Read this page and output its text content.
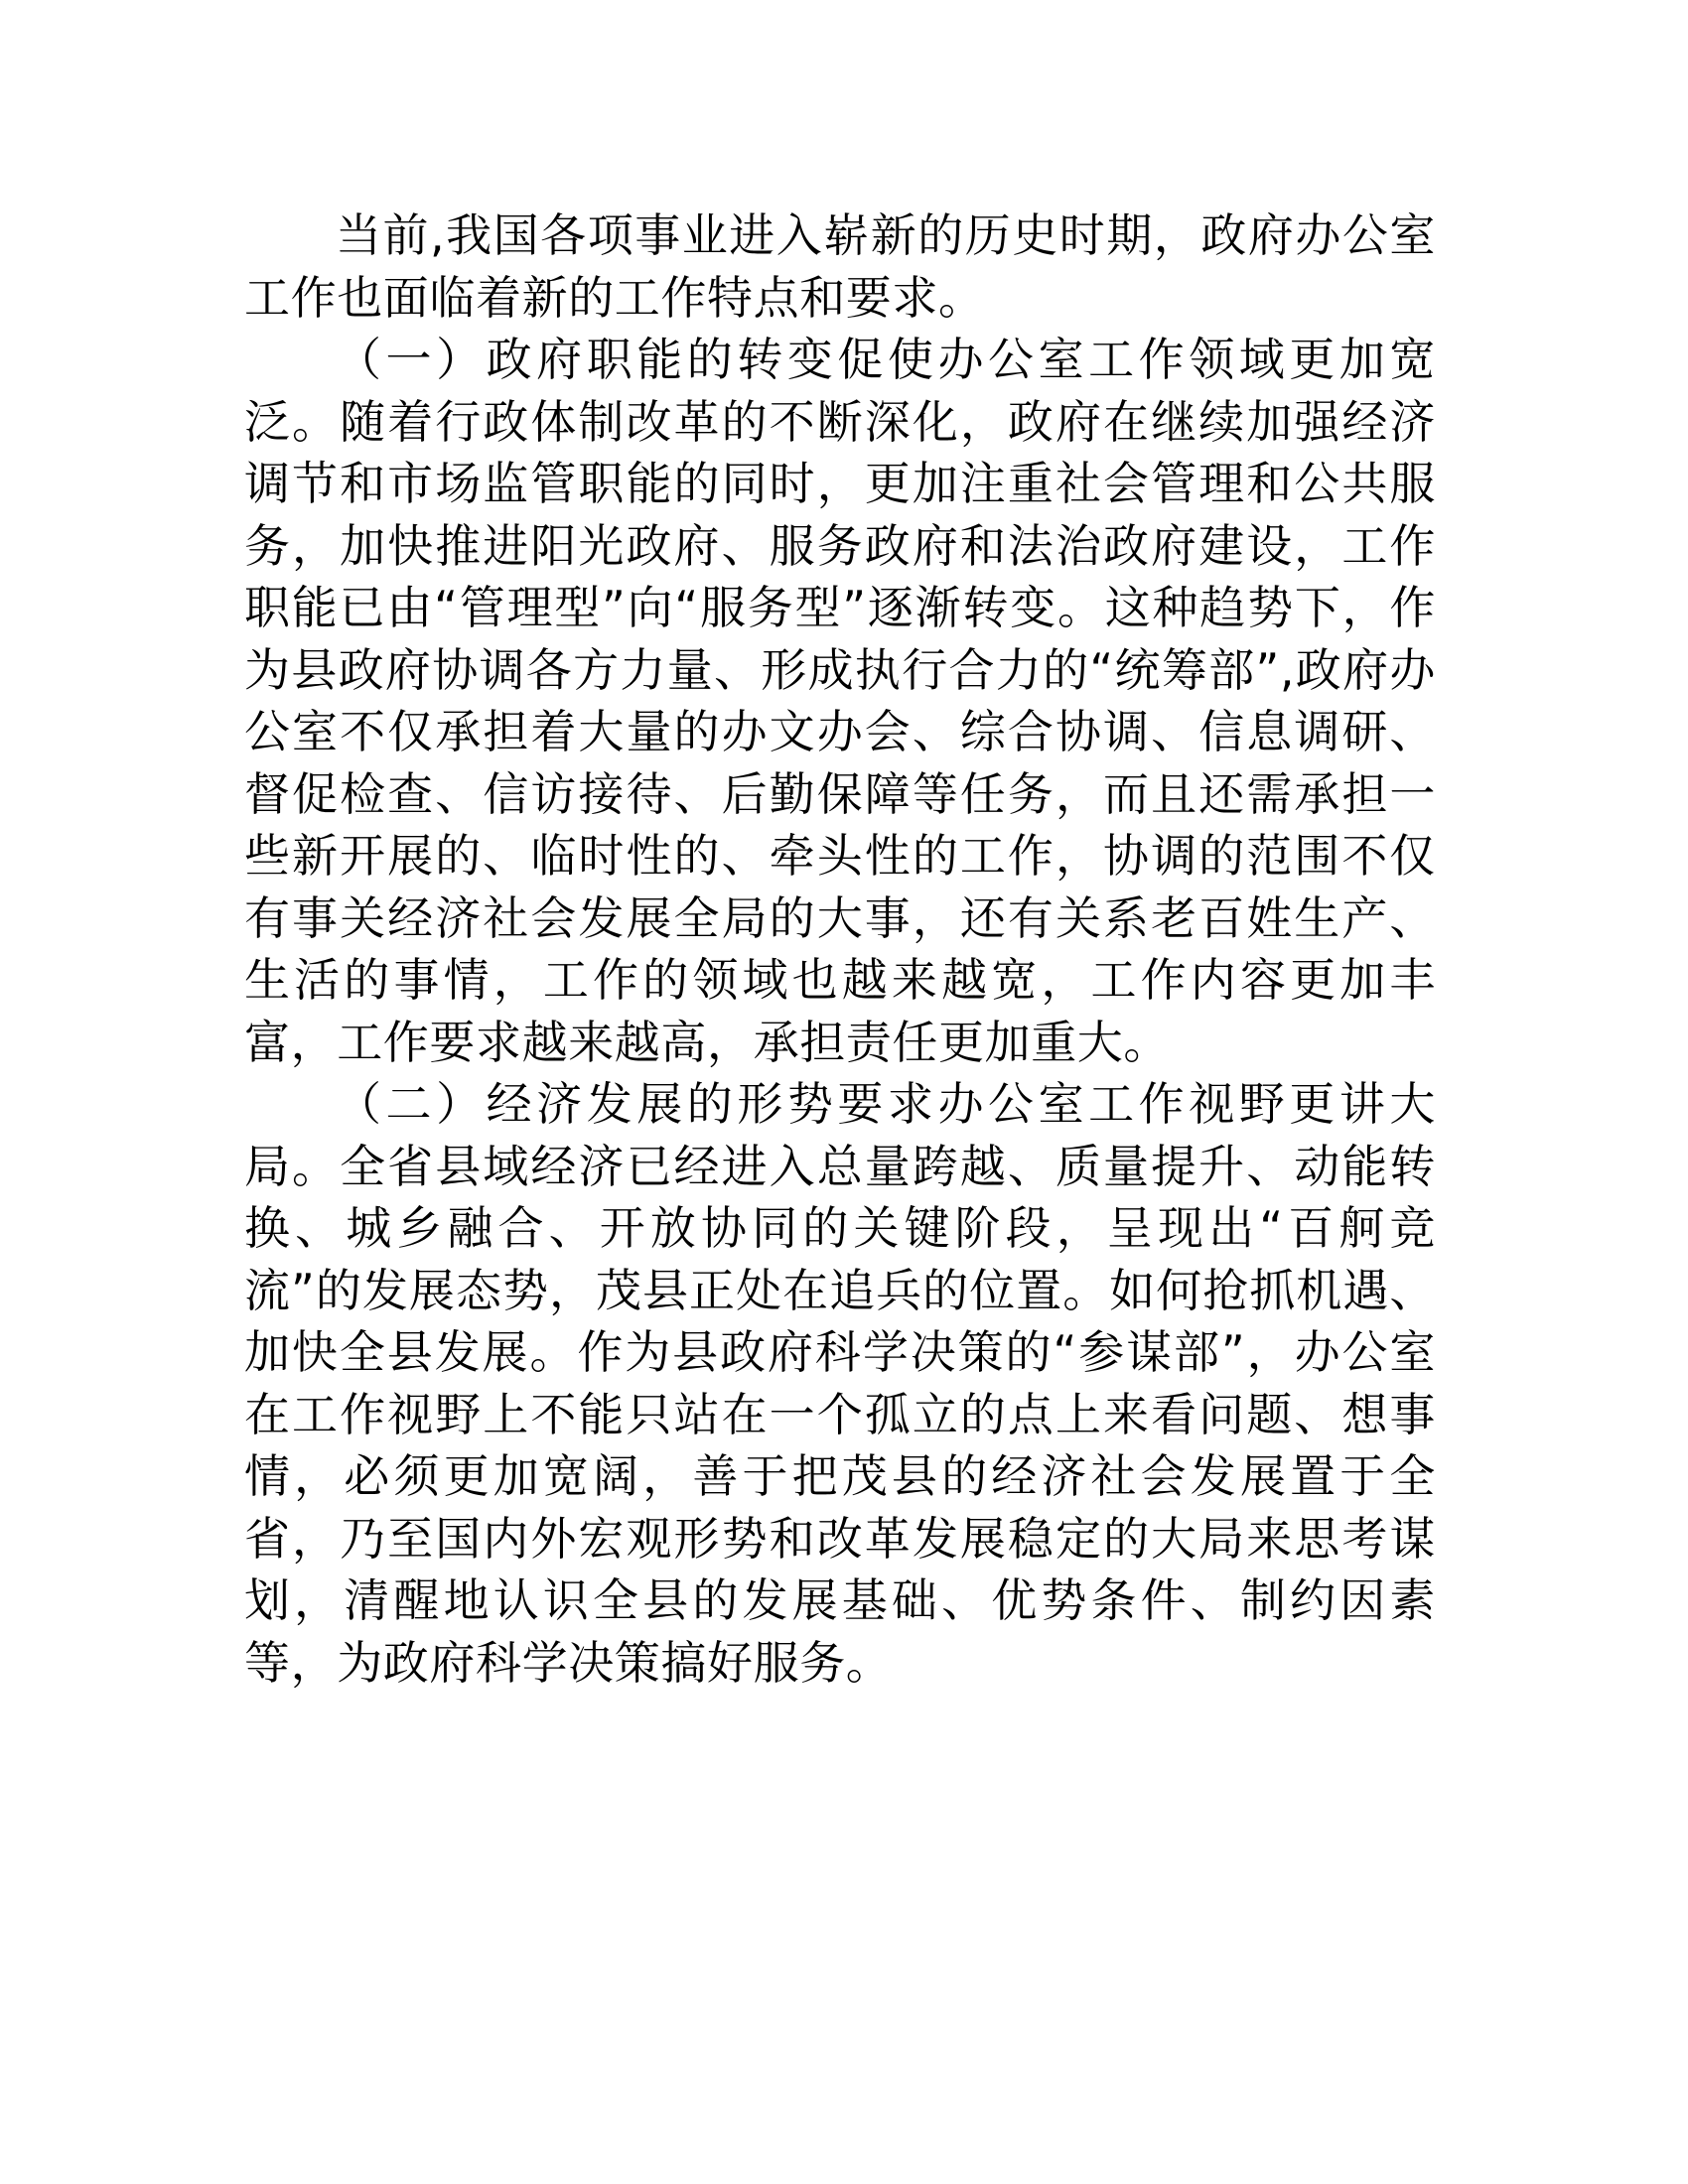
当前,我国各项事业进入崭新的历史时期，政府办公室工作也面临着新的工作特点和要求。

（一）政府职能的转变促使办公室工作领域更加宽泛。随着行政体制改革的不断深化，政府在继续加强经济调节和市场监管职能的同时，更加注重社会管理和公共服务，加快推进阳光政府、服务政府和法治政府建设，工作职能已由“管理型”向“服务型”逐渐转变。这种趋势下，作为县政府协调各方力量、形成执行合力的“统筹部”,政府办公室不仅承担着大量的办文办会、综合协调、信息调研、督促检查、信访接待、后勤保障等任务，而且还需承担一些新开展的、临时性的、牵头性的工作，协调的范围不仅有事关经济社会发展全局的大事，还有关系老百姓生产、生活的事情，工作的领域也越来越宽，工作内容更加丰富，工作要求越来越高，承担责任更加重大。

（二）经济发展的形势要求办公室工作视野更讲大局。全省县域经济已经进入总量跨越、质量提升、动能转换、城乡融合、开放协同的关键阶段，呈现出“百舸竞流”的发展态势，茂县正处在追兵的位置。如何抢抓机遇、加快全县发展。作为县政府科学决策的“参谋部”，办公室在工作视野上不能只站在一个孤立的点上来看问题、想事情，必须更加宽阔，善于把茂县的经济社会发展置于全省，乃至国内外宏观形势和改革发展稳定的大局来思考谋划，清醒地认识全县的发展基础、优势条件、制约因素等，为政府科学决策搞好服务。
